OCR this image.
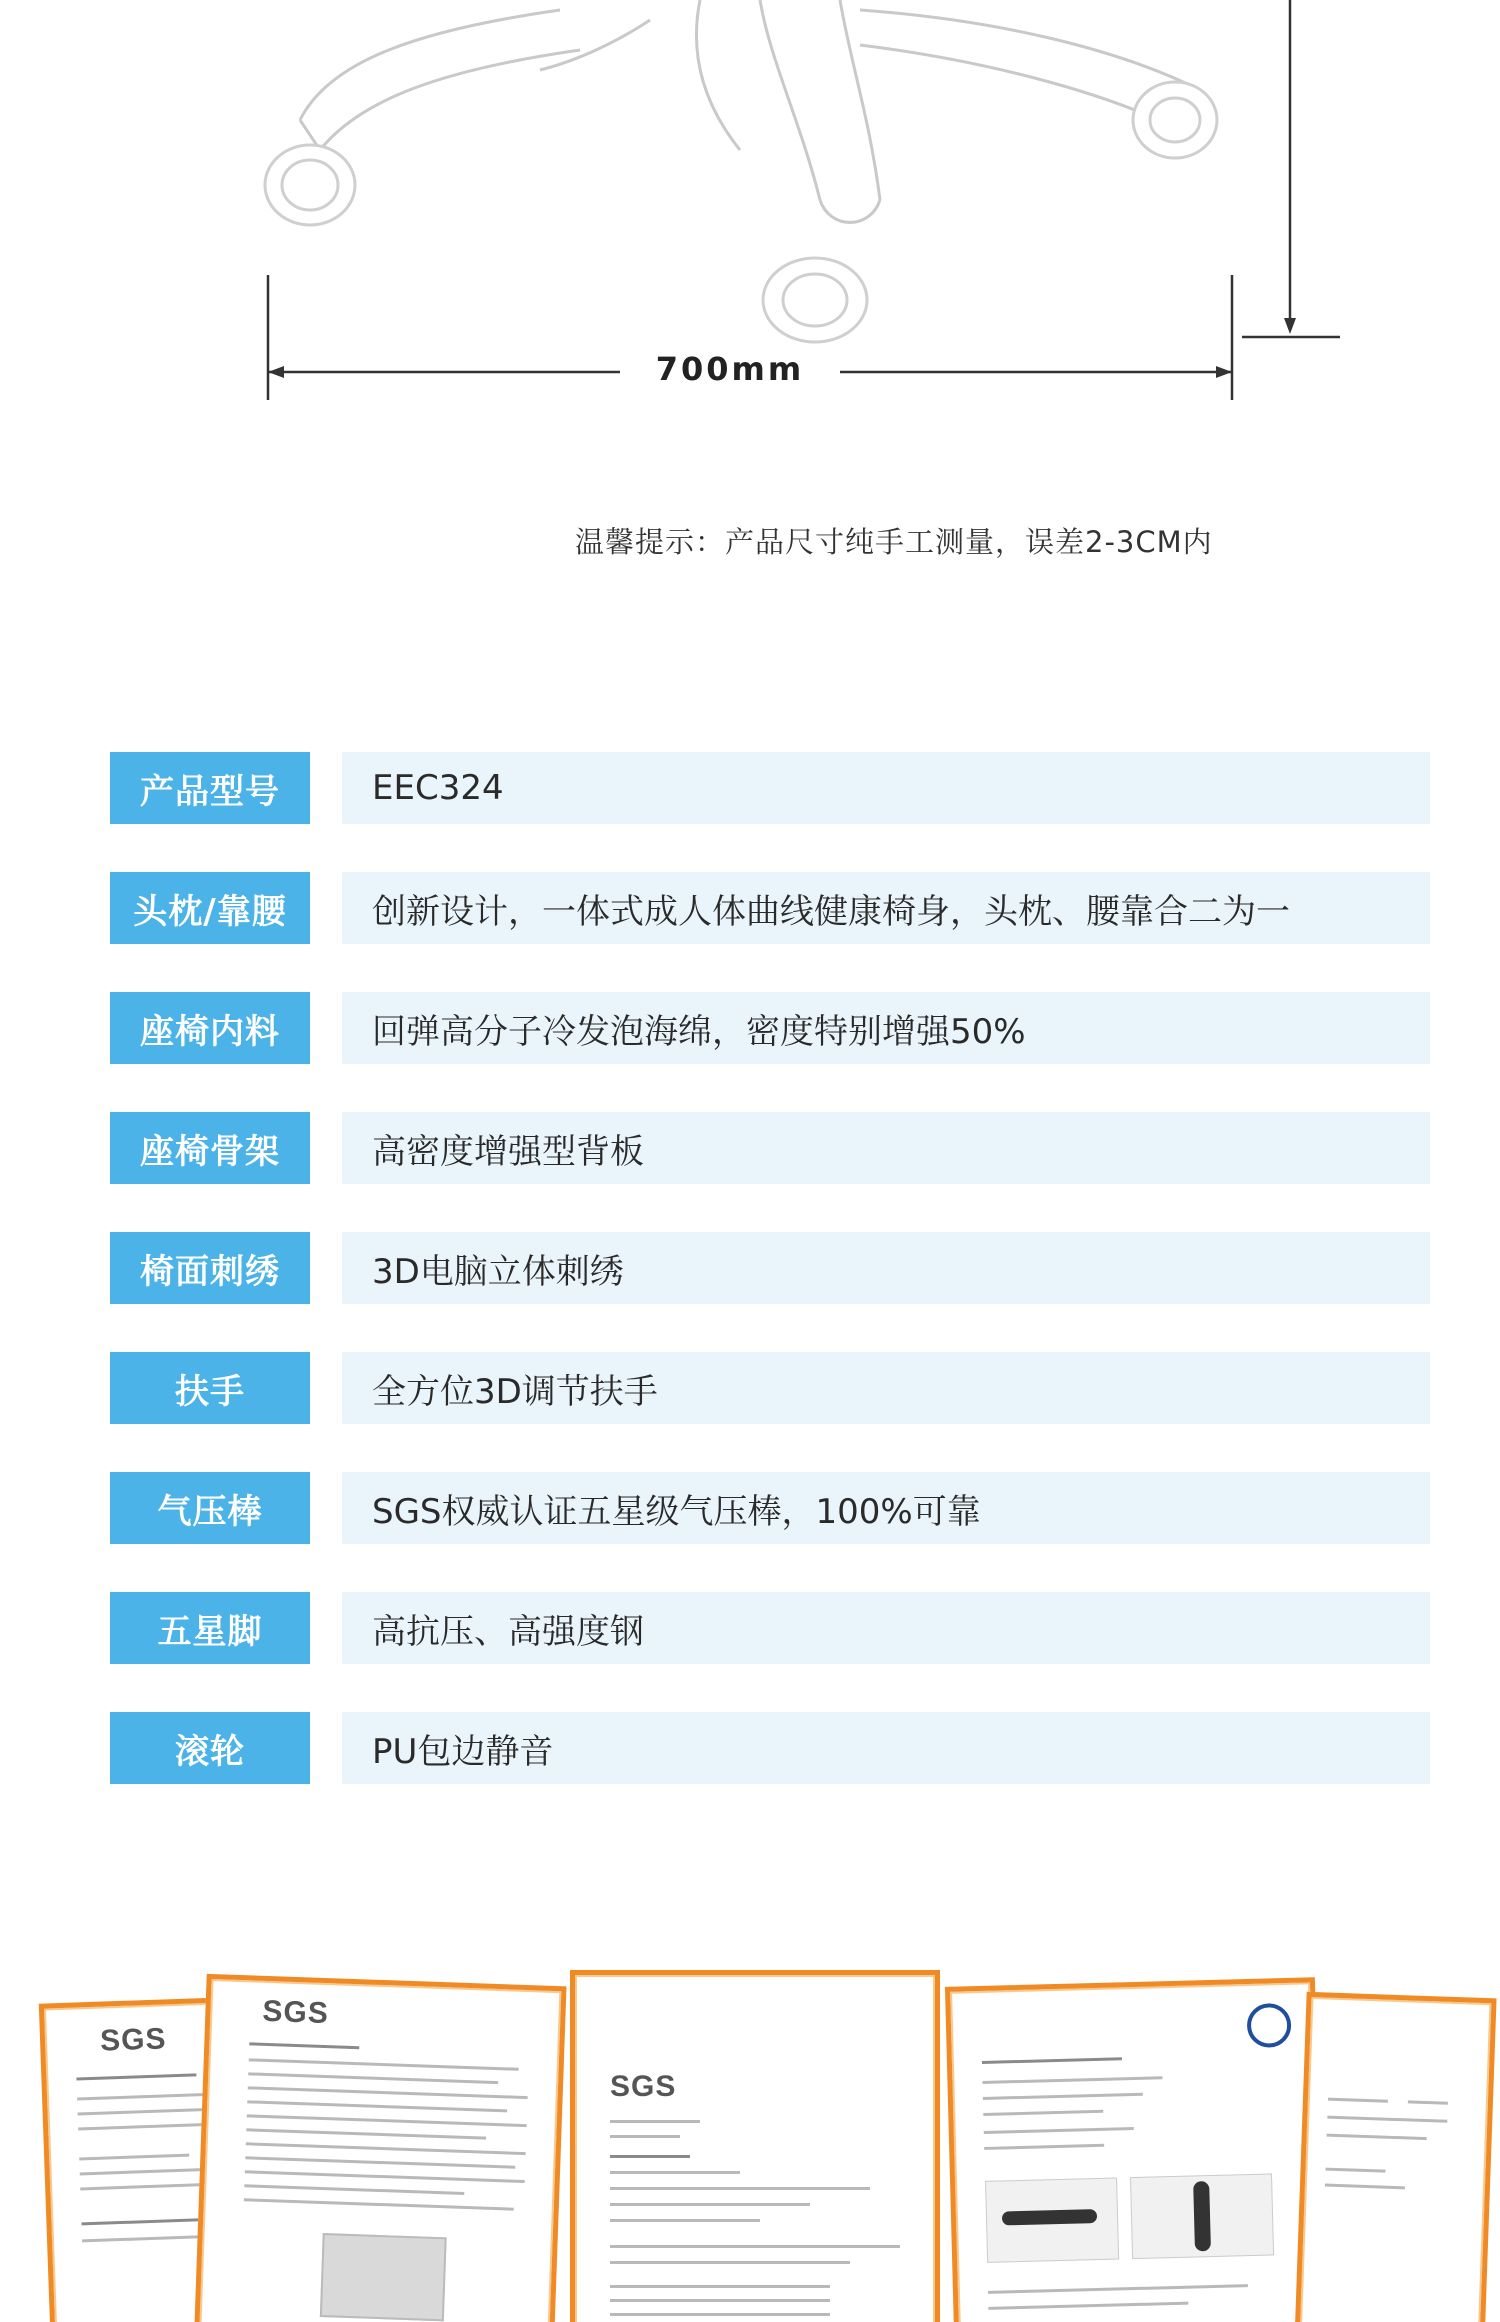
700mm
温馨提示：产品尺寸纯手工测量，误差2-3CM内
产品型号	EEC324
头枕/靠腰	创新设计，一体式成人体曲线健康椅身，头枕、腰靠合二为一
座椅内料	回弹高分子冷发泡海绵，密度特别增强50%
座椅骨架	高密度增强型背板
椅面刺绣	3D电脑立体刺绣
扶手	全方位3D调节扶手
气压棒	SGS权威认证五星级气压棒，100%可靠
五星脚	高抗压、高强度钢
滚轮	PU包边静音
SGS
SGS
SGS
